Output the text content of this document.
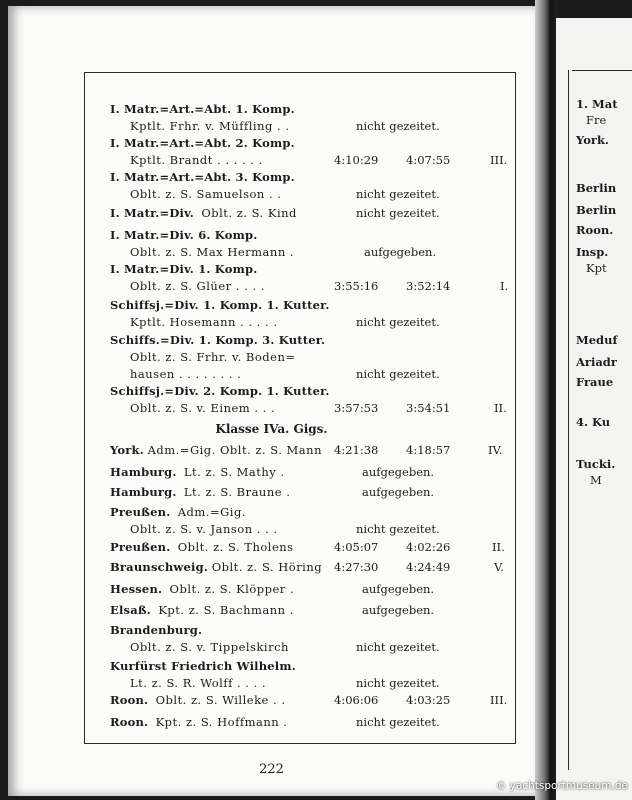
I. Matr.=Art.=Abt. 1. Komp.
Kptlt. Frhr. v. Müffling . .	nicht gezeitet.
I. Matr.=Art.=Abt. 2. Komp.
Kptlt. Brandt . . . . . .	4:10:29 4:07:55	III.
I. Matr.=Art.=Abt. 3. Komp.
Oblt. z. S. Samuelson . .	nicht gezeitet.
I. Matr.=Div. Oblt. z. S. Kind	nicht gezeitet.
I. Matr.=Div. 6. Komp.
Oblt. z. S. Max Hermann .	aufgegeben.
I. Matr.=Div. 1. Komp.
Oblt. z. S. Glüer . . . .	3:55:16 3:52:14	I.
Schiffsj.=Div. 1. Komp. 1. Kutter.
Kptlt. Hosemann . . . . .	nicht gezeitet.
Schiffs.=Div. 1. Komp. 3. Kutter.
Oblt. z. S. Frhr. v. Boden=
hausen . . . . . . . .	nicht gezeitet.
Schiffsj.=Div. 2. Komp. 1. Kutter.
Oblt. z. S. v. Einem . . .	3:57:53 3:54:51	II.
Klasse IVa. Gigs.
York. Adm.=Gig. Oblt. z. S. Mann	4:21:38 4:18:57	IV.
Hamburg. Lt. z. S. Mathy .	aufgegeben.
Hamburg. Lt. z. S. Braune .	aufgegeben.
Preußen. Adm.=Gig.
Oblt. z. S. v. Janson . . .	nicht gezeitet.
Preußen. Oblt. z. S. Tholens	4:05:07 4:02:26	II.
Braunschweig. Oblt. z. S. Höring	4:27:30 4:24:49	V.
Hessen. Oblt. z. S. Klöpper .	aufgegeben.
Elsaß. Kpt. z. S. Bachmann .	aufgegeben.
Brandenburg.
Oblt. z. S. v. Tippelskirch	nicht gezeitet.
Kurfürst Friedrich Wilhelm.
Lt. z. S. R. Wolff . . . .	nicht gezeitet.
Roon. Oblt. z. S. Willeke . .	4:06:06 4:03:25	III.
Roon. Kpt. z. S. Hoffmann .	nicht gezeitet.
222
1. Mat
Fre
York.
Berlin
Berlin
Roon.
Insp.
Kpt
Meduf
Ariadr
Fraue
4. Ku
Tucki.
M
© yachtsportmuseum.de
